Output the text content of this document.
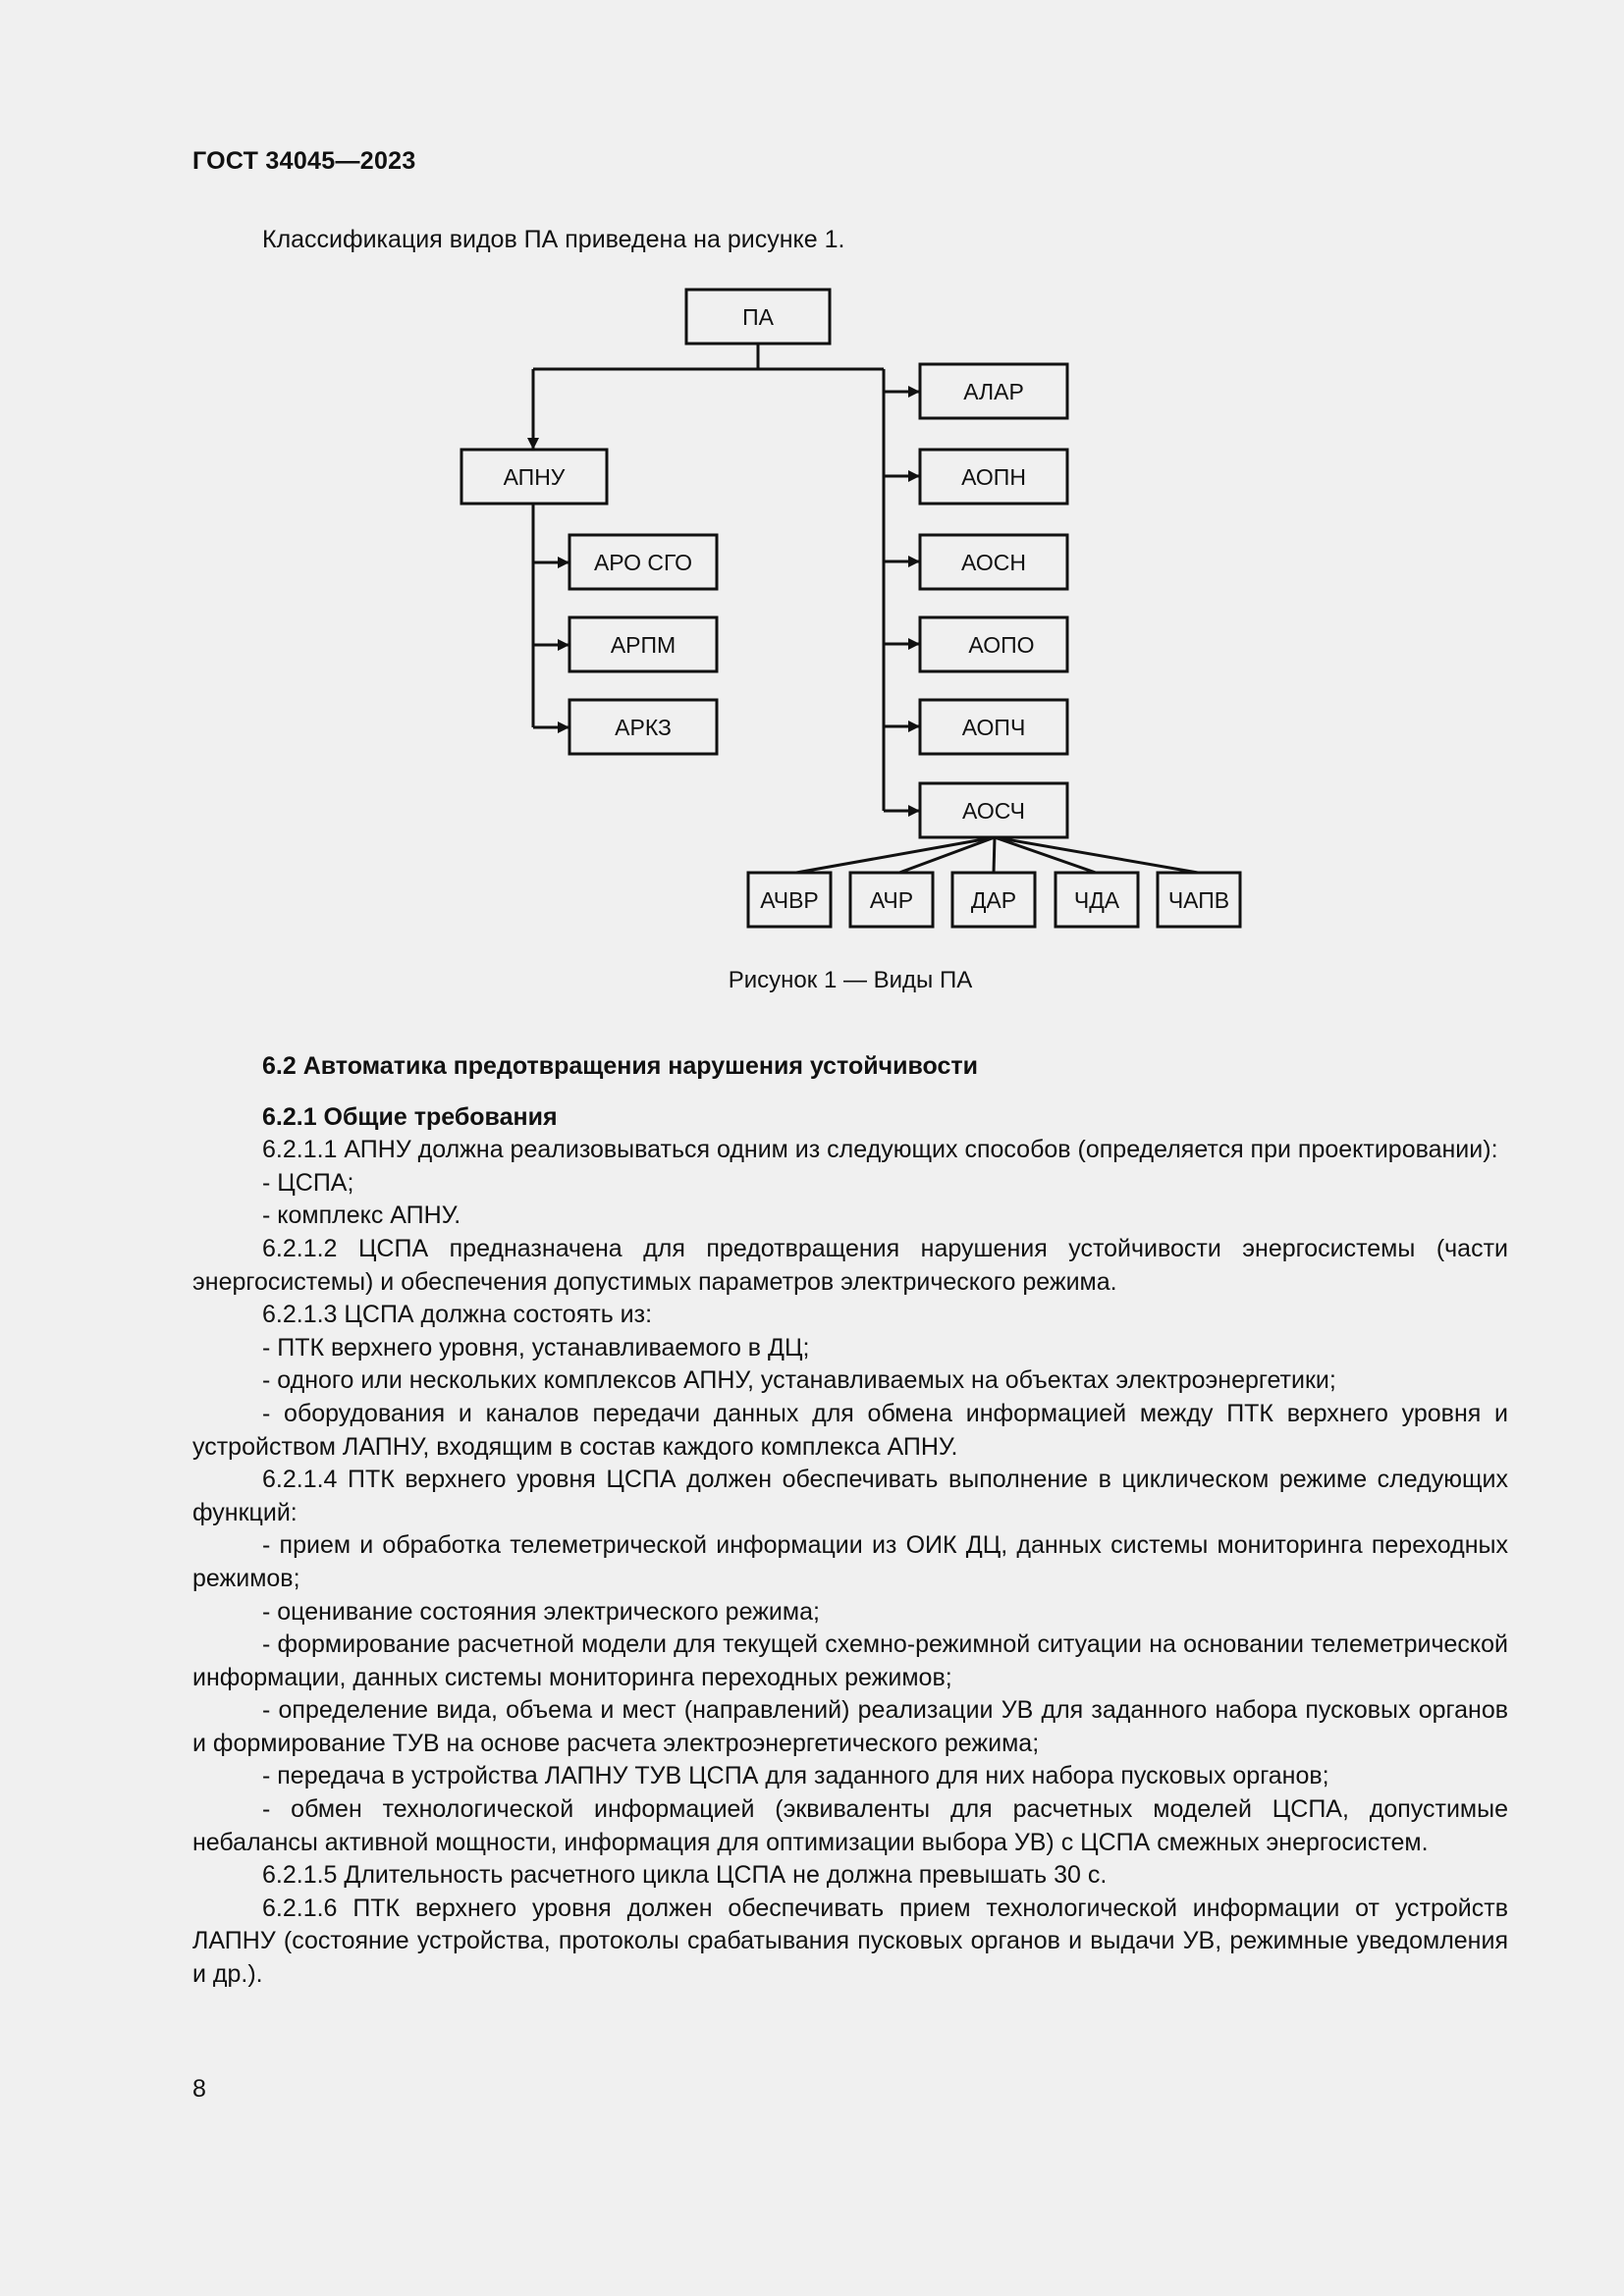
ГОСТ 34045—2023
Классификация видов ПА приведена на рисунке 1.
ПА
АПНУ
АРО СГО
АРПМ
АРКЗ
АЛАР
АОПН
АОСН
АОПО
АОПЧ
АОСЧ
АЧВР АЧР	ДАР	ЧДА ЧАПВ
Рисунок 1 — Виды ПА

6.2 Автоматика предотвращения нарушения устойчивости

6.2.1 Общие требования

6.2.1.1 АПНУ должна реализовываться одним из следующих способов (определяется при проектировании):

- ЦСПА;

- комплекс АПНУ.

6.2.1.2 ЦСПА предназначена для предотвращения нарушения устойчивости энергосистемы (части энергосистемы) и обеспечения допустимых параметров электрического режима.

6.2.1.3 ЦСПА должна состоять из:

- ПТК верхнего уровня, устанавливаемого в ДЦ;

- одного или нескольких комплексов АПНУ, устанавливаемых на объектах электроэнергетики;

- оборудования и каналов передачи данных для обмена информацией между ПТК верхнего уровня и устройством ЛАПНУ, входящим в состав каждого комплекса АПНУ.

6.2.1.4 ПТК верхнего уровня ЦСПА должен обеспечивать выполнение в циклическом режиме следующих функций:

- прием и обработка телеметрической информации из ОИК ДЦ, данных системы мониторинга переходных режимов;

- оценивание состояния электрического режима;

- формирование расчетной модели для текущей схемно-режимной ситуации на основании телеметрической информации, данных системы мониторинга переходных режимов;

- определение вида, объема и мест (направлений) реализации УВ для заданного набора пусковых органов и формирование ТУВ на основе расчета электроэнергетического режима;

- передача в устройства ЛАПНУ ТУВ ЦСПА для заданного для них набора пусковых органов;

- обмен технологической информацией (эквиваленты для расчетных моделей ЦСПА, допустимые небалансы активной мощности, информация для оптимизации выбора УВ) с ЦСПА смежных энергосистем.

6.2.1.5 Длительность расчетного цикла ЦСПА не должна превышать 30 с.

6.2.1.6 ПТК верхнего уровня должен обеспечивать прием технологической информации от устройств ЛАПНУ (состояние устройства, протоколы срабатывания пусковых органов и выдачи УВ, режимные уведомления и др.).

8
